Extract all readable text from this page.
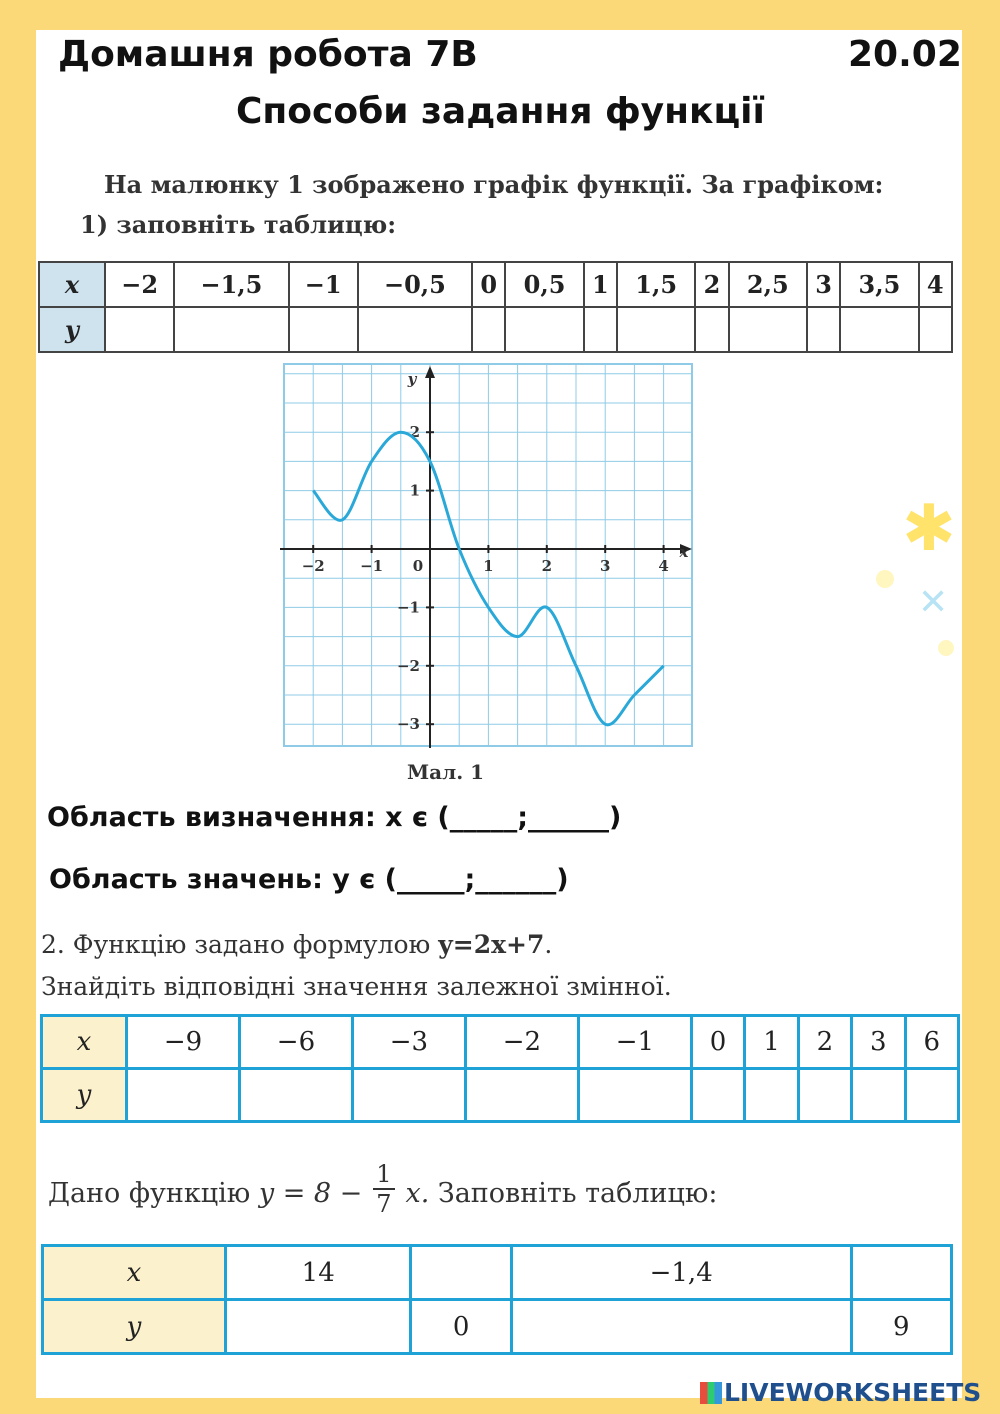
Домашня робота 7В	20.02
Способи задання функції
На малюнку 1 зображено графік функції. За графіком:
1) заповніть таблицю:
x	−2	−1,5	−1	−0,5	0	0,5	1	1,5	2	2,5	3	3,5	4
y													
−2 −1 0	1	2	3	4
2
1
−1
−2
−3
x
y
Мал. 1
Область визначення: x є (_____;______)
Область значень: y є (_____;______)
2. Функцію задано формулою y=2x+7.
Знайдіть відповідні значення залежної змінної.
x	−9	−6	−3	−2	−1	0	1	2	3	6
y										
Дано функцію $y = 8 - \frac{1}{7} x$. Заповніть таблицю:
x	14		−1,4	
y		0		9
✱
✕
LIVEWORKSHEETS
